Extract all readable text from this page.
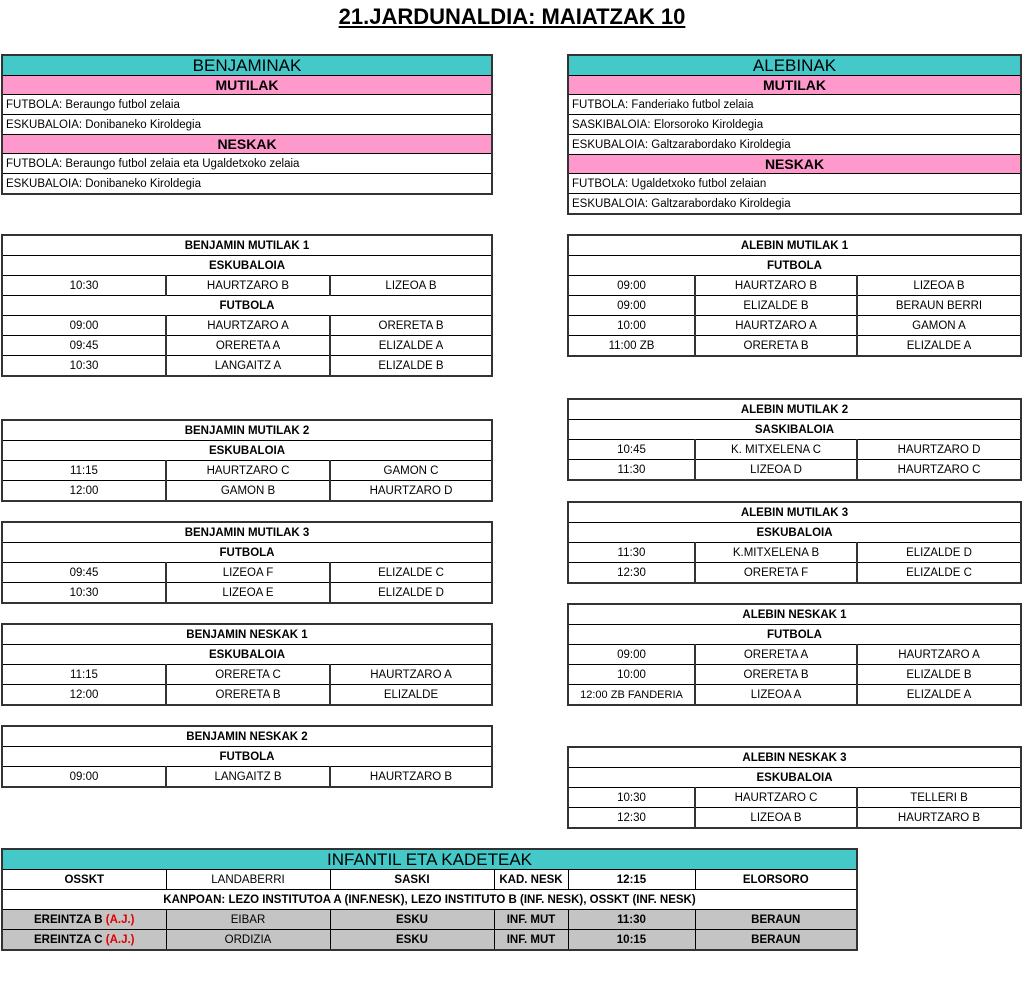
21.JARDUNALDIA: MAIATZAK 10
BENJAMINAK
MUTILAK
FUTBOLA: Beraungo futbol zelaia
ESKUBALOIA: Donibaneko Kiroldegia
NESKAK
FUTBOLA: Beraungo futbol zelaia eta Ugaldetxoko zelaia
ESKUBALOIA: Donibaneko Kiroldegia
ALEBINAK
MUTILAK
FUTBOLA: Fanderiako futbol zelaia
SASKIBALOIA: Elorsoroko Kiroldegia
ESKUBALOIA: Galtzarabordako Kiroldegia
NESKAK
FUTBOLA: Ugaldetxoko futbol zelaian
ESKUBALOIA: Galtzarabordako Kiroldegia
BENJAMIN MUTILAK 1		
ESKUBALOIA		
10:30	HAURTZARO B	LIZEOA B
FUTBOLA		
09:00	HAURTZARO A	ORERETA B
09:45	ORERETA A	ELIZALDE A
10:30	LANGAITZ A	ELIZALDE B
BENJAMIN MUTILAK 2		
ESKUBALOIA		
11:15	HAURTZARO C	GAMON C
12:00	GAMON B	HAURTZARO D
BENJAMIN MUTILAK 3		
FUTBOLA		
09:45	LIZEOA F	ELIZALDE C
10:30	LIZEOA E	ELIZALDE D
BENJAMIN NESKAK 1		
ESKUBALOIA		
11:15	ORERETA C	HAURTZARO A
12:00	ORERETA B	ELIZALDE
BENJAMIN NESKAK 2
FUTBOLA
09:00	LANGAITZ B	HAURTZARO B
ALEBIN MUTILAK 1		
FUTBOLA		
09:00	HAURTZARO B	LIZEOA B
09:00	ELIZALDE B	BERAUN BERRI
10:00	HAURTZARO A	GAMON A
11:00 ZB	ORERETA B	ELIZALDE A
ALEBIN MUTILAK 2		
SASKIBALOIA		
10:45	K. MITXELENA C	HAURTZARO D
11:30	LIZEOA D	HAURTZARO C
ALEBIN MUTILAK 3		
ESKUBALOIA		
11:30	K.MITXELENA B	ELIZALDE D
12:30	ORERETA F	ELIZALDE C
ALEBIN NESKAK 1		
FUTBOLA		
09:00	ORERETA A	HAURTZARO A
10:00	ORERETA B	ELIZALDE B
12:00 ZB FANDERIA	LIZEOA A	ELIZALDE A
ALEBIN NESKAK 3		
ESKUBALOIA		
10:30	HAURTZARO C	TELLERI B
12:30	LIZEOA B	HAURTZARO B
INFANTIL ETA KADETEAK					
OSSKT	LANDABERRI	SASKI	KAD. NESK	12:15	ELORSORO
KANPOAN: LEZO INSTITUTOA A (INF.NESK), LEZO INSTITUTO B (INF. NESK), OSSKT (INF. NESK)					
EREINTZA B (A.J.)	EIBAR	ESKU	INF. MUT	11:30	BERAUN
EREINTZA C (A.J.)	ORDIZIA	ESKU	INF. MUT	10:15	BERAUN
